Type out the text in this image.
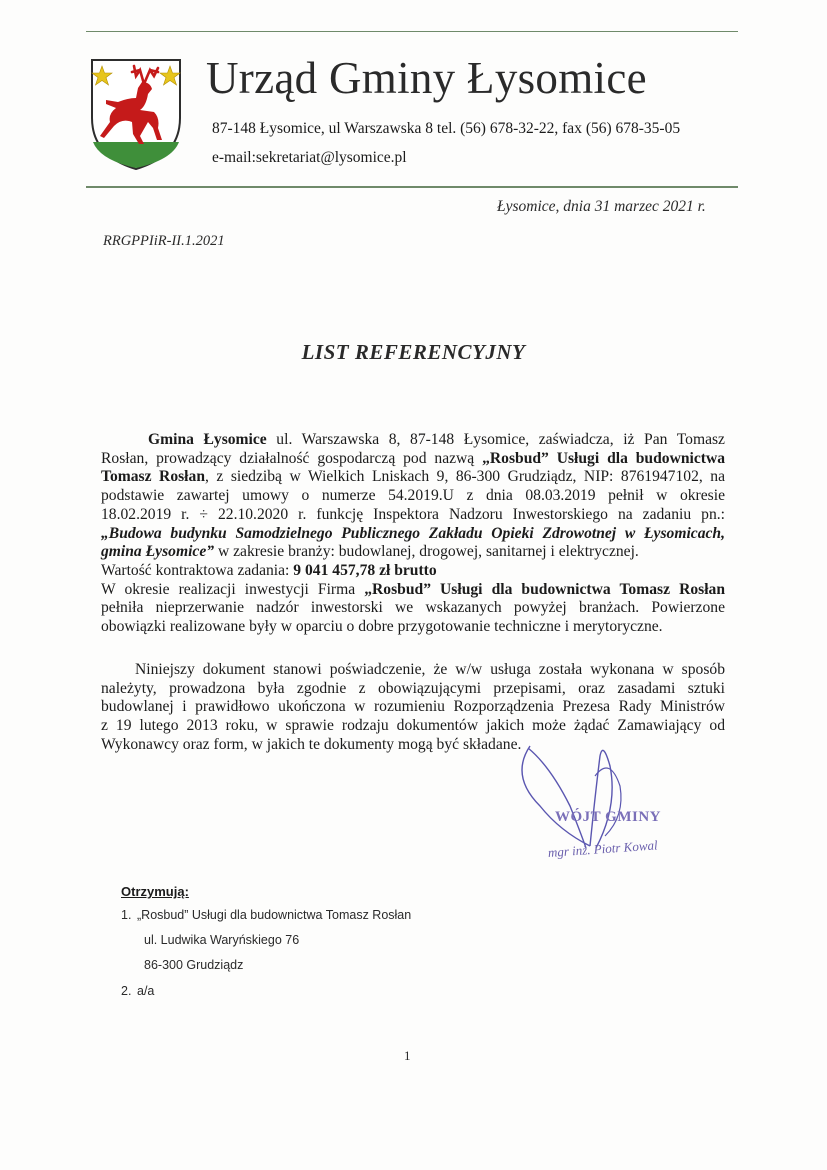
Urząd Gminy Łysomice
87-148 Łysomice, ul Warszawska 8 tel. (56) 678-32-22, fax (56) 678-35-05
e-mail:sekretariat@lysomice.pl
Łysomice, dnia 31 marzec 2021 r.
RRGPPIiR-II.1.2021
LIST REFERENCYJNY
Gmina Łysomice ul. Warszawska 8, 87-148 Łysomice, zaświadcza, iż Pan Tomasz
Rosłan, prowadzący działalność gospodarczą pod nazwą „Rosbud” Usługi dla budownictwa
Tomasz Rosłan, z siedzibą w Wielkich Lniskach 9, 86-300 Grudziądz, NIP: 8761947102, na
podstawie zawartej umowy o numerze 54.2019.U z dnia 08.03.2019 pełnił w okresie
18.02.2019 r. ÷ 22.10.2020 r. funkcję Inspektora Nadzoru Inwestorskiego na zadaniu pn.:
„Budowa budynku Samodzielnego Publicznego Zakładu Opieki Zdrowotnej w Łysomicach,
gmina Łysomice” w zakresie branży: budowlanej, drogowej, sanitarnej i elektrycznej.
Wartość kontraktowa zadania: 9 041 457,78 zł brutto
W okresie realizacji inwestycji Firma „Rosbud” Usługi dla budownictwa Tomasz Rosłan
pełniła nieprzerwanie nadzór inwestorski we wskazanych powyżej branżach. Powierzone
obowiązki realizowane były w oparciu o dobre przygotowanie techniczne i merytoryczne.
Niniejszy dokument stanowi poświadczenie, że w/w usługa została wykonana w sposób
należyty, prowadzona była zgodnie z obowiązującymi przepisami, oraz zasadami sztuki
budowlanej i prawidłowo ukończona w rozumieniu Rozporządzenia Prezesa Rady Ministrów
z 19 lutego 2013 roku, w sprawie rodzaju dokumentów jakich może żądać Zamawiający od
Wykonawcy oraz form, w jakich te dokumenty mogą być składane.
WÓJT GMINY
mgr inż. Piotr Kowal
Otrzymują:
1. „Rosbud” Usługi dla budownictwa Tomasz Rosłan
ul. Ludwika Waryńskiego 76
86-300 Grudziądz
2. a/a
1
